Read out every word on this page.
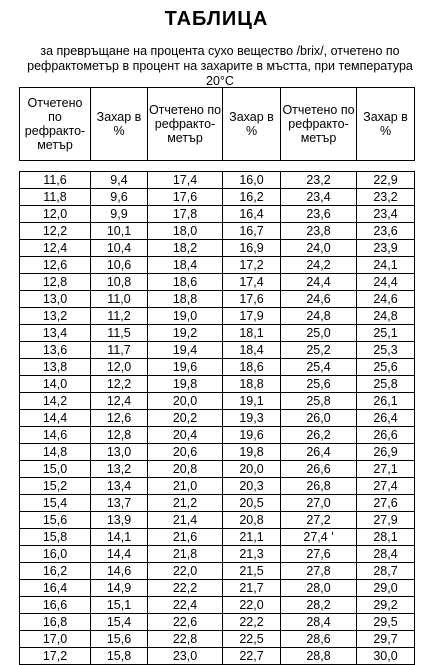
ТАБЛИЦА
за превръщане на процента сухо вещество /brix/, отчетено по
рефрактометър в процент на захарите в мъстта, при температура 20°С
Отчетено по рефракто-метър	Захар в %	Отчетено по рефракто-метър	Захар в %	Отчетено по рефракто-метър	Захар в %
11,6	9,4	17,4	16,0	23,2	22,9
11,8	9,6	17,6	16,2	23,4	23,2
12,0	9,9	17,8	16,4	23,6	23,4
12,2	10,1	18,0	16,7	23,8	23,6
12,4	10,4	18,2	16,9	24,0	23,9
12,6	10,6	18,4	17,2	24,2	24,1
12,8	10,8	18,6	17,4	24,4	24,4
13,0	11,0	18,8	17,6	24,6	24,6
13,2	11,2	19,0	17,9	24,8	24,8
13,4	11,5	19,2	18,1	25,0	25,1
13,6	11,7	19,4	18,4	25,2	25,3
13,8	12,0	19,6	18,6	25,4	25,6
14,0	12,2	19,8	18,8	25,6	25,8
14,2	12,4	20,0	19,1	25,8	26,1
14,4	12,6	20,2	19,3	26,0	26,4
14,6	12,8	20,4	19,6	26,2	26,6
14,8	13,0	20,6	19,8	26,4	26,9
15,0	13,2	20,8	20,0	26,6	27,1
15,2	13,4	21,0	20,3	26,8	27,4
15,4	13,7	21,2	20,5	27,0	27,6
15,6	13,9	21,4	20,8	27,2	27,9
15,8	14,1	21,6	21,1	27,4 '	28,1
16,0	14,4	21,8	21,3	27,6	28,4
16,2	14,6	22,0	21,5	27,8	28,7
16,4	14,9	22,2	21,7	28,0	29,0
16,6	15,1	22,4	22,0	28,2	29,2
16,8	15,4	22,6	22,2	28,4	29,5
17,0	15,6	22,8	22,5	28,6	29,7
17,2	15,8	23,0	22,7	28,8	30,0
